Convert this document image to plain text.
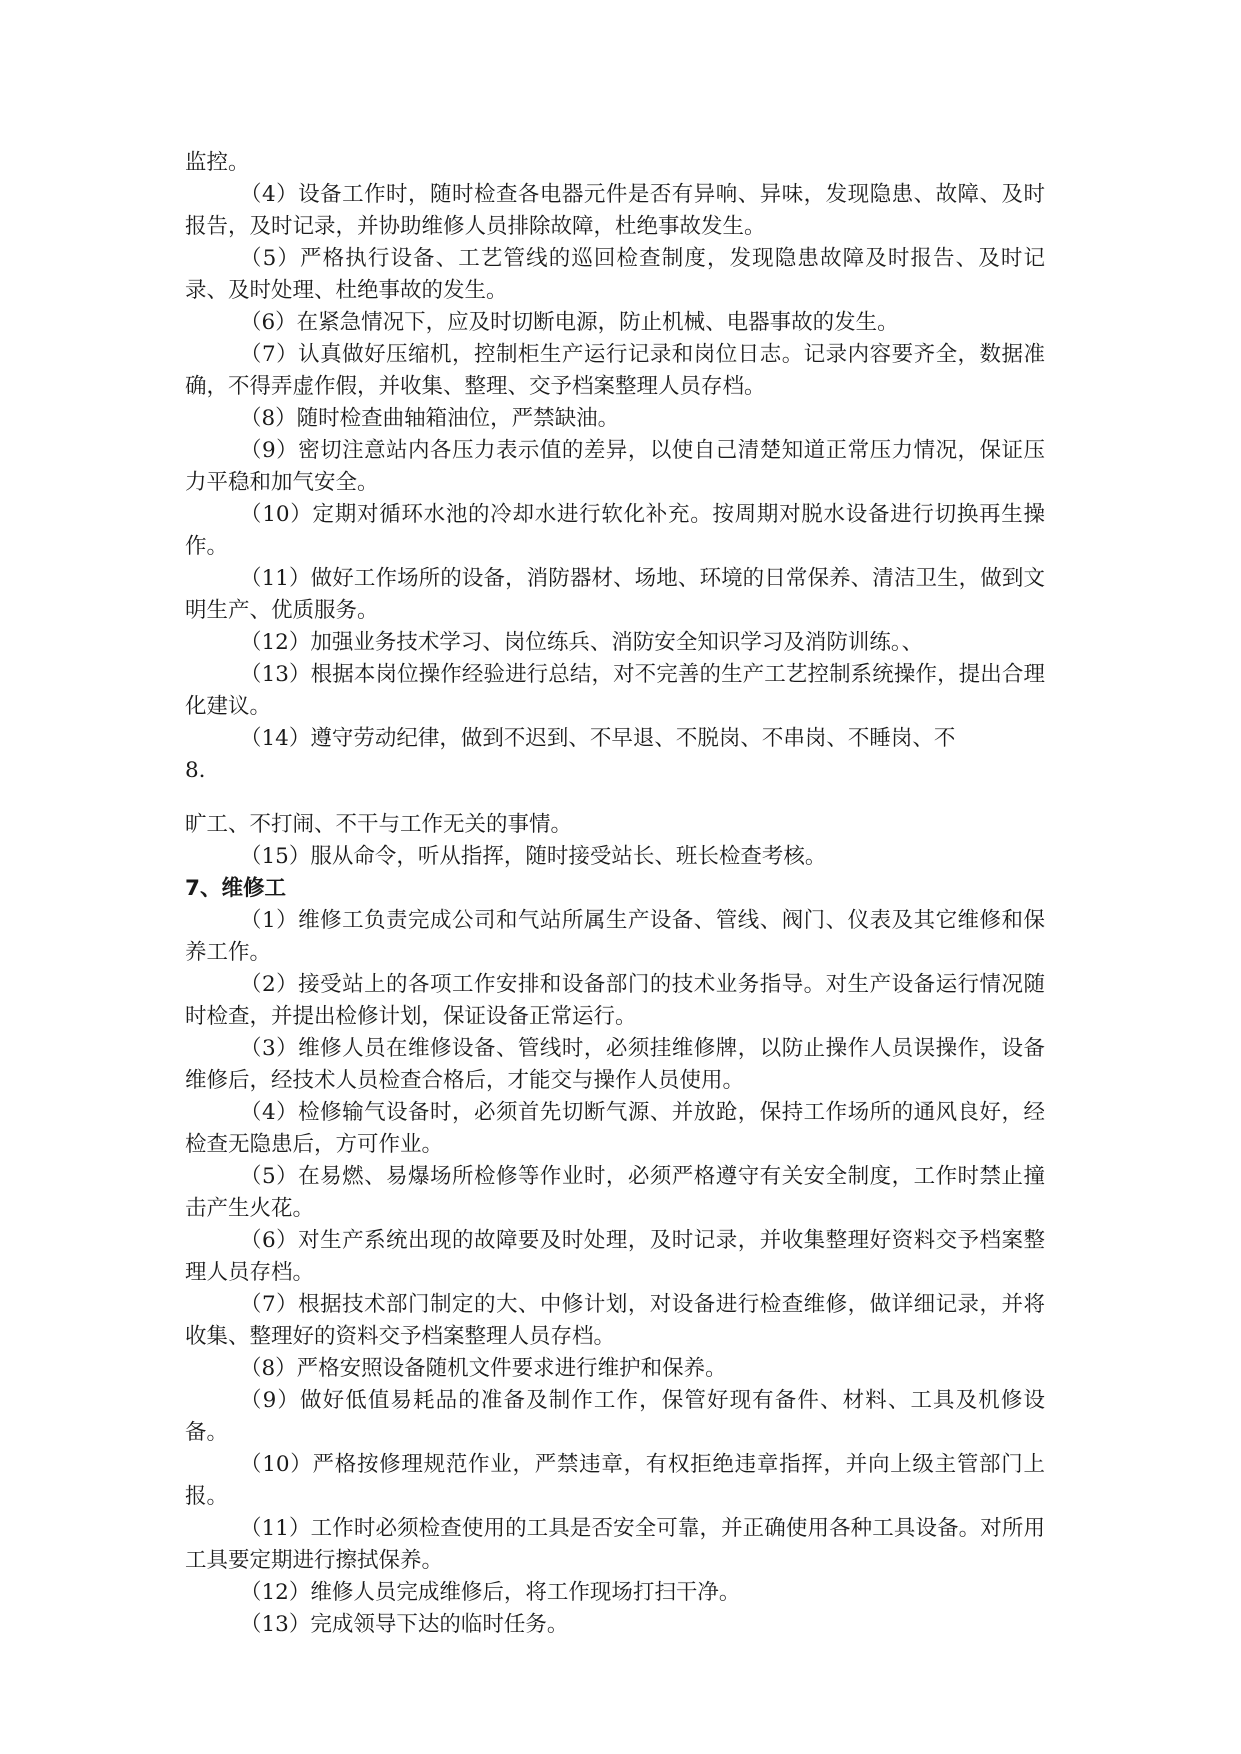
监控。

（4）设备工作时，随时检查各电器元件是否有异响、异味，发现隐患、故障、及时报告，及时记录，并协助维修人员排除故障，杜绝事故发生。

（5）严格执行设备、工艺管线的巡回检查制度，发现隐患故障及时报告、及时记录、及时处理、杜绝事故的发生。

（6）在紧急情况下，应及时切断电源，防止机械、电器事故的发生。

（7）认真做好压缩机，控制柜生产运行记录和岗位日志。记录内容要齐全，数据准确，不得弄虚作假，并收集、整理、交予档案整理人员存档。

（8）随时检查曲轴箱油位，严禁缺油。

（9）密切注意站内各压力表示值的差异，以使自己清楚知道正常压力情况，保证压力平稳和加气安全。

（10）定期对循环水池的冷却水进行软化补充。按周期对脱水设备进行切换再生操作。

（11）做好工作场所的设备，消防器材、场地、环境的日常保养、清洁卫生，做到文明生产、优质服务。

（12）加强业务技术学习、岗位练兵、消防安全知识学习及消防训练。、

（13）根据本岗位操作经验进行总结，对不完善的生产工艺控制系统操作，提出合理化建议。

（14）遵守劳动纪律，做到不迟到、不早退、不脱岗、不串岗、不睡岗、不

8.

旷工、不打闹、不干与工作无关的事情。

（15）服从命令，听从指挥，随时接受站长、班长检查考核。

7、维修工

（1）维修工负责完成公司和气站所属生产设备、管线、阀门、仪表及其它维修和保养工作。

（2）接受站上的各项工作安排和设备部门的技术业务指导。对生产设备运行情况随时检查，并提出检修计划，保证设备正常运行。

（3）维修人员在维修设备、管线时，必须挂维修牌，以防止操作人员误操作，设备维修后，经技术人员检查合格后，才能交与操作人员使用。

（4）检修输气设备时，必须首先切断气源、并放跄，保持工作场所的通风良好，经检查无隐患后，方可作业。

（5）在易燃、易爆场所检修等作业时，必须严格遵守有关安全制度，工作时禁止撞击产生火花。

（6）对生产系统出现的故障要及时处理，及时记录，并收集整理好资料交予档案整理人员存档。

（7）根据技术部门制定的大、中修计划，对设备进行检查维修，做详细记录，并将收集、整理好的资料交予档案整理人员存档。

（8）严格安照设备随机文件要求进行维护和保养。

（9）做好低值易耗品的准备及制作工作，保管好现有备件、材料、工具及机修设备。

（10）严格按修理规范作业，严禁违章，有权拒绝违章指挥，并向上级主管部门上报。

（11）工作时必须检查使用的工具是否安全可靠，并正确使用各种工具设备。对所用工具要定期进行擦拭保养。

（12）维修人员完成维修后，将工作现场打扫干净。

（13）完成领导下达的临时任务。
